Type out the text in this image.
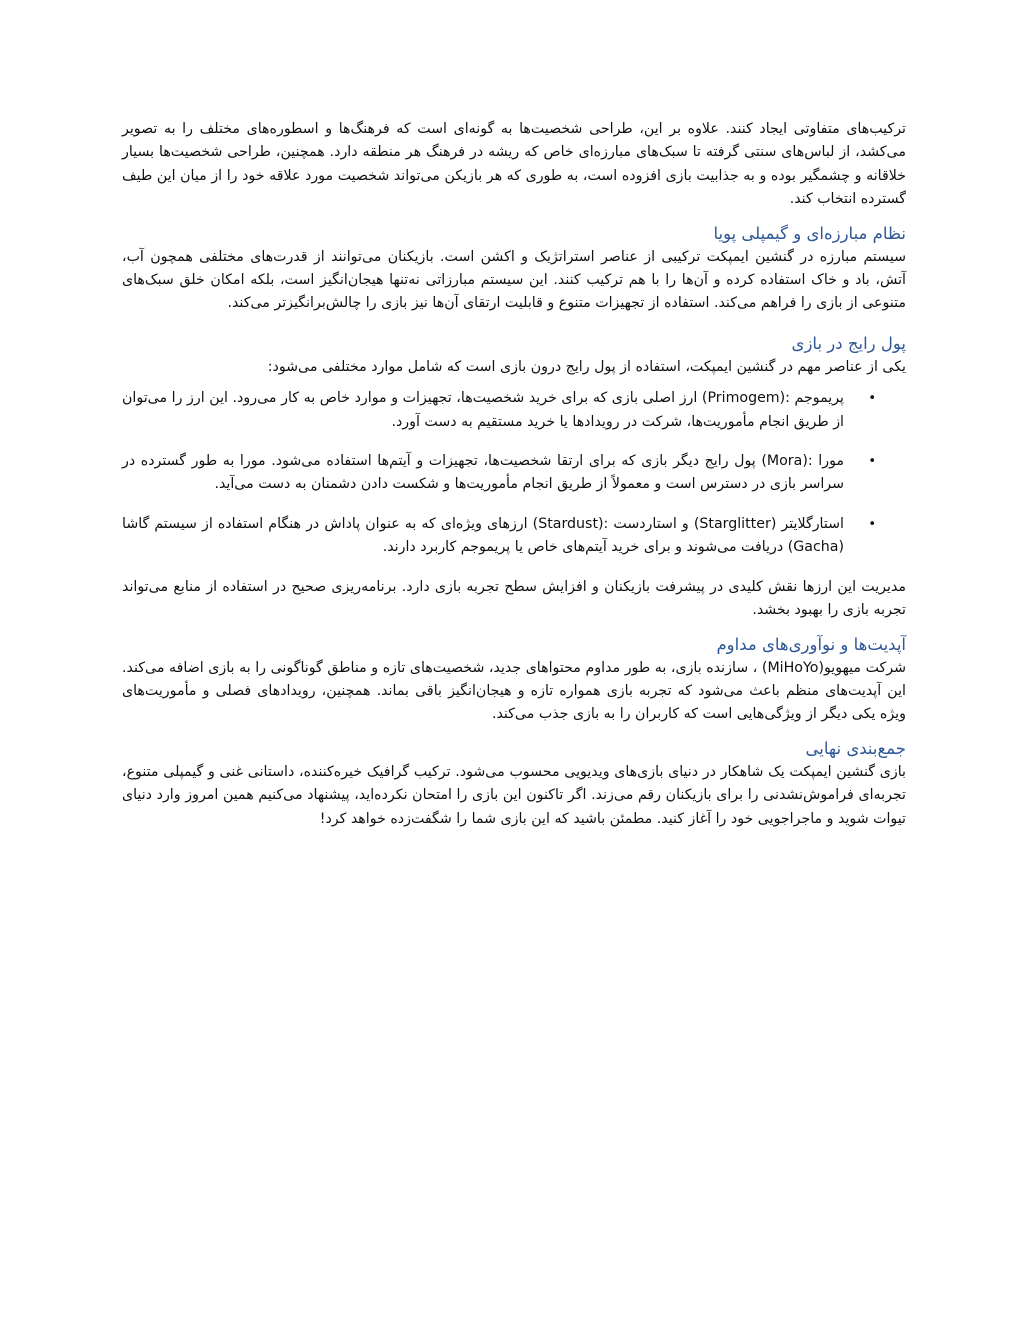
ترکیب‌های متفاوتی ایجاد کنند. علاوه بر این، طراحی شخصیت‌ها به گونه‌ای است که فرهنگ‌ها و اسطوره‌های مختلف را به تصویر می‌کشد، از لباس‌های سنتی گرفته تا سبک‌های مبارزه‌ای خاص که ریشه در فرهنگ هر منطقه دارد. همچنین، طراحی شخصیت‌ها بسیار خلاقانه و چشمگیر بوده و به جذابیت بازی افزوده است، به طوری که هر بازیکن می‌تواند شخصیت مورد علاقه خود را از میان این طیف گسترده انتخاب کند.

نظام مبارزه‌ای و گیمپلی پویا

سیستم مبارزه در گنشین ایمپکت ترکیبی از عناصر استراتژیک و اکشن است. بازیکنان می‌توانند از قدرت‌های مختلفی همچون آب، آتش، باد و خاک استفاده کرده و آن‌ها را با هم ترکیب کنند. این سیستم مبارزاتی نه‌تنها هیجان‌انگیز است، بلکه امکان خلق سبک‌های متنوعی از بازی را فراهم می‌کند. استفاده از تجهیزات متنوع و قابلیت ارتقای آن‌ها نیز بازی را چالش‌برانگیزتر می‌کند.

پول رایج در بازی

یکی از عناصر مهم در گنشین ایمپکت، استفاده از پول رایج درون بازی است که شامل موارد مختلفی می‌شود:

•
پریموجم :(Primogem) ارز اصلی بازی که برای خرید شخصیت‌ها، تجهیزات و موارد خاص به کار می‌رود. این ارز را می‌توان از طریق انجام مأموریت‌ها، شرکت در رویدادها یا خرید مستقیم به دست آورد.
•
مورا :(Mora) پول رایج دیگر بازی که برای ارتقا شخصیت‌ها، تجهیزات و آیتم‌ها استفاده می‌شود. مورا به طور گسترده در سراسر بازی در دسترس است و معمولاً از طریق انجام مأموریت‌ها و شکست دادن دشمنان به دست می‌آید.
•
استارگلایتر (Starglitter) و استاردست :(Stardust) ارزهای ویژه‌ای که به عنوان پاداش در هنگام استفاده از سیستم گاشا (Gacha) دریافت می‌شوند و برای خرید آیتم‌های خاص یا پریموجم کاربرد دارند.

مدیریت این ارزها نقش کلیدی در پیشرفت بازیکنان و افزایش سطح تجربه بازی دارد. برنامه‌ریزی صحیح در استفاده از منابع می‌تواند تجربه بازی را بهبود بخشد.

آپدیت‌ها و نوآوری‌های مداوم

شرکت میهویو(MiHoYo) ، سازنده بازی، به طور مداوم محتواهای جدید، شخصیت‌های تازه و مناطق گوناگونی را به بازی اضافه می‌کند. این آپدیت‌های منظم باعث می‌شود که تجربه بازی همواره تازه و هیجان‌انگیز باقی بماند. همچنین، رویدادهای فصلی و مأموریت‌های ویژه یکی دیگر از ویژگی‌هایی است که کاربران را به بازی جذب می‌کند.

جمع‌بندی نهایی

بازی گنشین ایمپکت یک شاهکار در دنیای بازی‌های ویدیویی محسوب می‌شود. ترکیب گرافیک خیره‌کننده، داستانی غنی و گیمپلی متنوع، تجربه‌ای فراموش‌نشدنی را برای بازیکنان رقم می‌زند. اگر تاکنون این بازی را امتحان نکرده‌اید، پیشنهاد می‌کنیم همین امروز وارد دنیای تیوات شوید و ماجراجویی خود را آغاز کنید. مطمئن باشید که این بازی شما را شگفت‌زده خواهد کرد!
